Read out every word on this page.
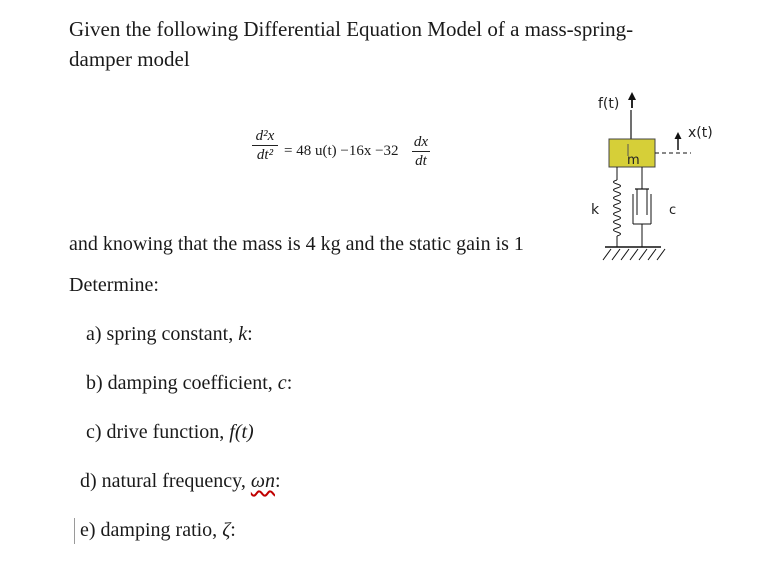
Given the following Differential Equation Model of a mass-spring-damper model
d²x
dt² = 48 u(t) −16x −32
dx
dt
f(t)
m
x(t)
k	c
and knowing that the mass is 4 kg and the static gain is 1
Determine:
a) spring constant, k:
b) damping coefficient, c:
c) drive function, f(t)
d) natural frequency, ωn:
e) damping ratio, ζ:
